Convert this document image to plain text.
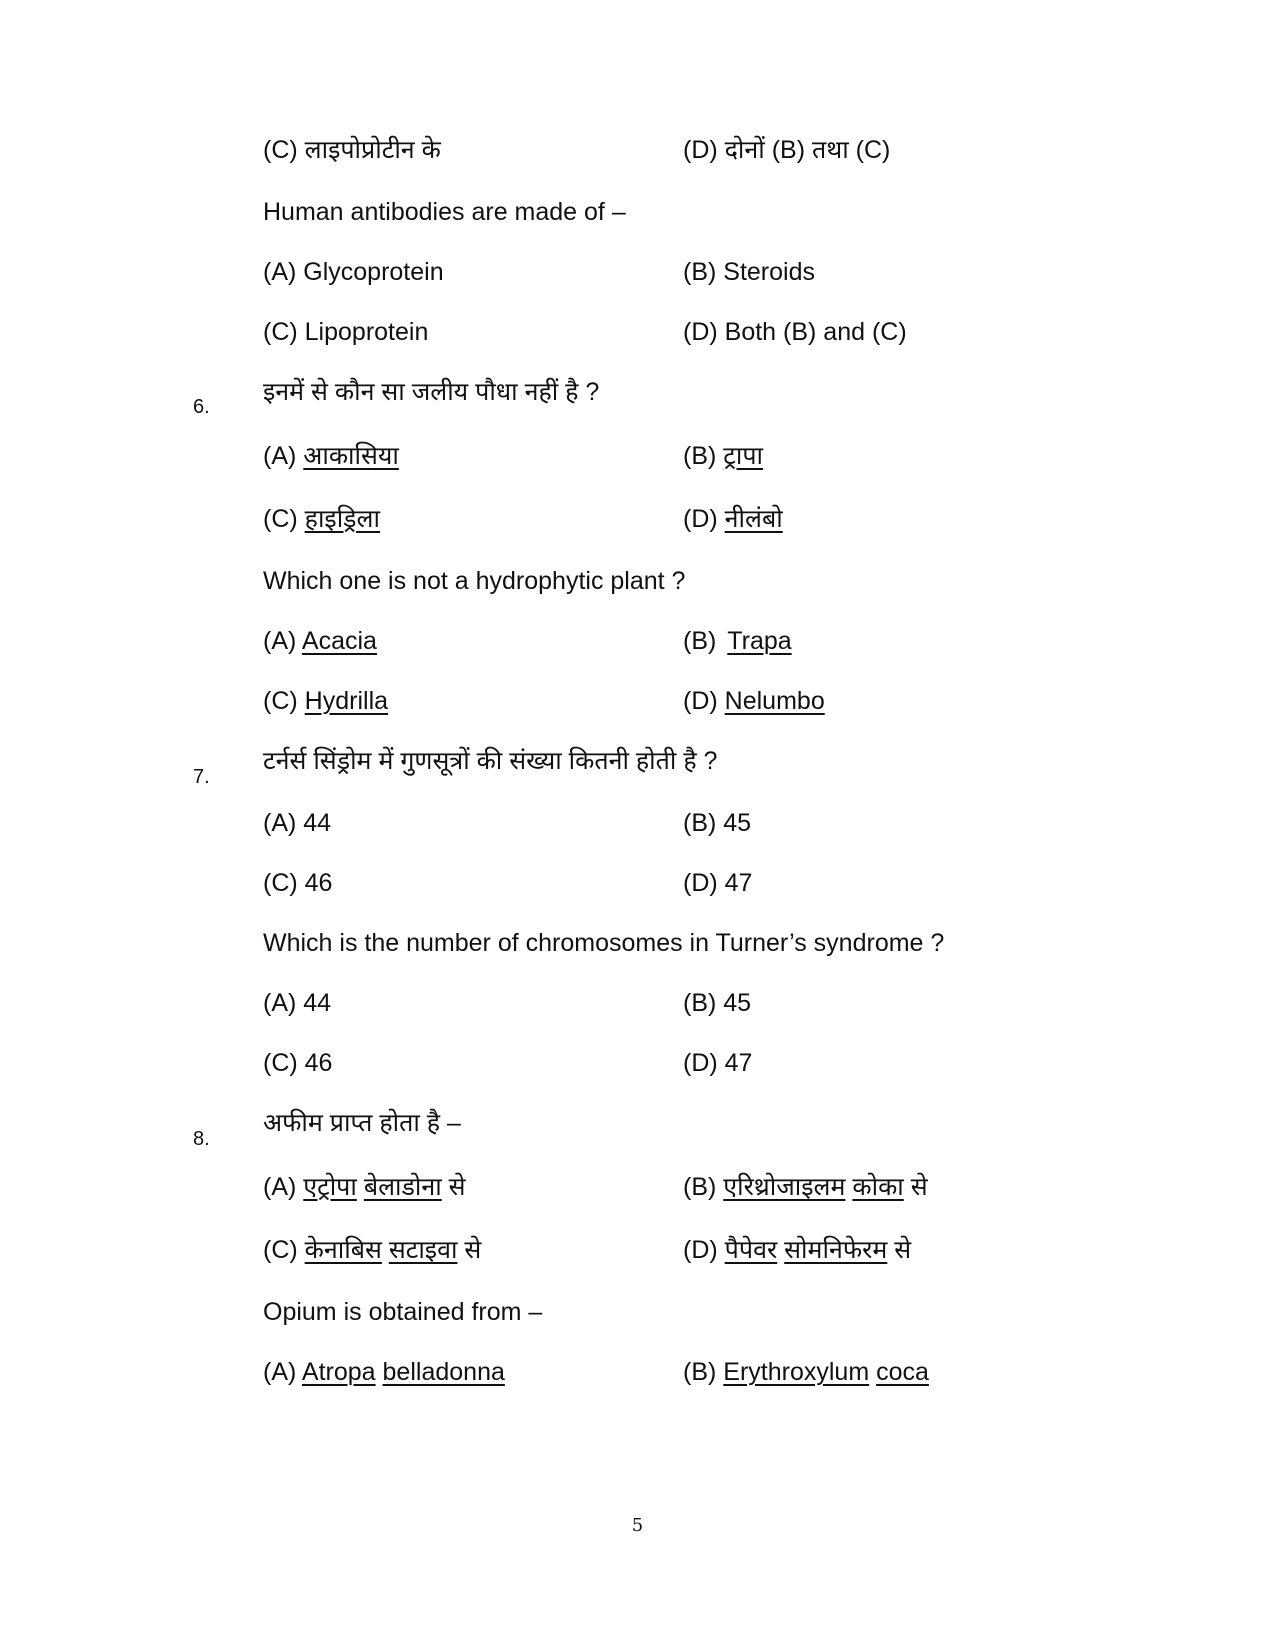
(C) लाइपोप्रोटीन के	(D) दोनों (B) तथा (C)
Human antibodies are made of –
(A) Glycoprotein	(B) Steroids
(C) Lipoprotein	(D) Both (B) and (C)
6.
इनमें से कौन सा जलीय पौधा नहीं है ?
(A) आकासिया	(B) ट्रापा
(C) हाइड्रिला	(D) नीलंबो
Which one is not a hydrophytic plant ?
(A) Acacia	(B) Trapa
(C) Hydrilla	(D) Nelumbo
7.
टर्नर्स सिंड्रोम में गुणसूत्रों की संख्या कितनी होती है ?
(A) 44	(B) 45
(C) 46	(D) 47
Which is the number of chromosomes in Turner’s syndrome ?
(A) 44	(B) 45
(C) 46	(D) 47
8.
अफीम प्राप्त होता है –
(A) एट्रोपा बेलाडोना से	(B) एरिथ्रोजाइलम कोका से
(C) केनाबिस सटाइवा से	(D) पैपेवर सोमनिफेरम से
Opium is obtained from –
(A) Atropa belladonna	(B) Erythroxylum coca
5
